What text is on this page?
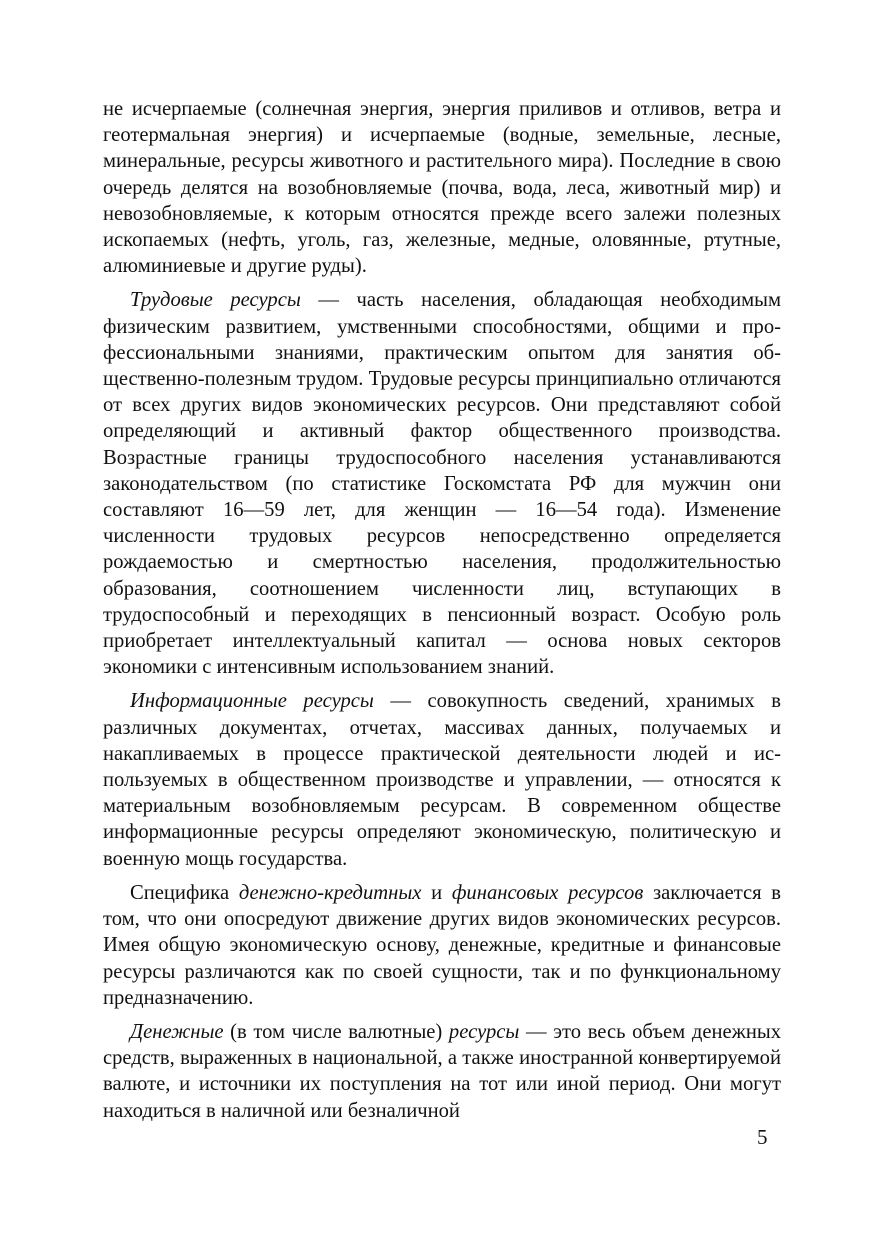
не исчерпаемые (солнечная энергия, энергия приливов и отливов, ветра и геотермальная энергия) и исчерпаемые (водные, земельные, лесные, минеральные, ресурсы животного и растительного мира). Последние в свою очередь делятся на возобновляемые (почва, вода, леса, животный мир) и невозобновляемые, к которым относятся прежде всего залежи полезных ископаемых (нефть, уголь, газ, железные, медные, оловянные, ртутные, алюминиевые и другие руды).

Трудовые ресурсы — часть населения, обладающая необходимым физическим развитием, умственными способностями, общими и профессиональными знаниями, практическим опытом для занятия общественно-полезным трудом. Трудовые ресурсы принципиально отличаются от всех других видов экономических ресурсов. Они представляют собой определяющий и активный фактор общественного производства. Возрастные границы трудоспособного населения устанавливаются законодательством (по статистике Госкомстата РФ для мужчин они составляют 16—59 лет, для женщин — 16—54 года). Изменение численности трудовых ресурсов непосредственно определяется рождаемостью и смертностью населения, продолжительностью образования, соотношением численности лиц, вступающих в трудоспособный и переходящих в пенсионный возраст. Особую роль приобретает интеллектуальный капитал — основа новых секторов экономики с интенсивным использованием знаний.

Информационные ресурсы — совокупность сведений, хранимых в различных документах, отчетах, массивах данных, получаемых и накапливаемых в процессе практической деятельности людей и используемых в общественном производстве и управлении, — относятся к материальным возобновляемым ресурсам. В современном обществе информационные ресурсы определяют экономическую, политическую и военную мощь государства.

Специфика денежно-кредитных и финансовых ресурсов заключается в том, что они опосредуют движение других видов экономических ресурсов. Имея общую экономическую основу, денежные, кредитные и финансовые ресурсы различаются как по своей сущности, так и по функциональному предназначению.

Денежные (в том числе валютные) ресурсы — это весь объем денежных средств, выраженных в национальной, а также иностранной конвертируемой валюте, и источники их поступления на тот или иной период. Они могут находиться в наличной или безналичной

5
